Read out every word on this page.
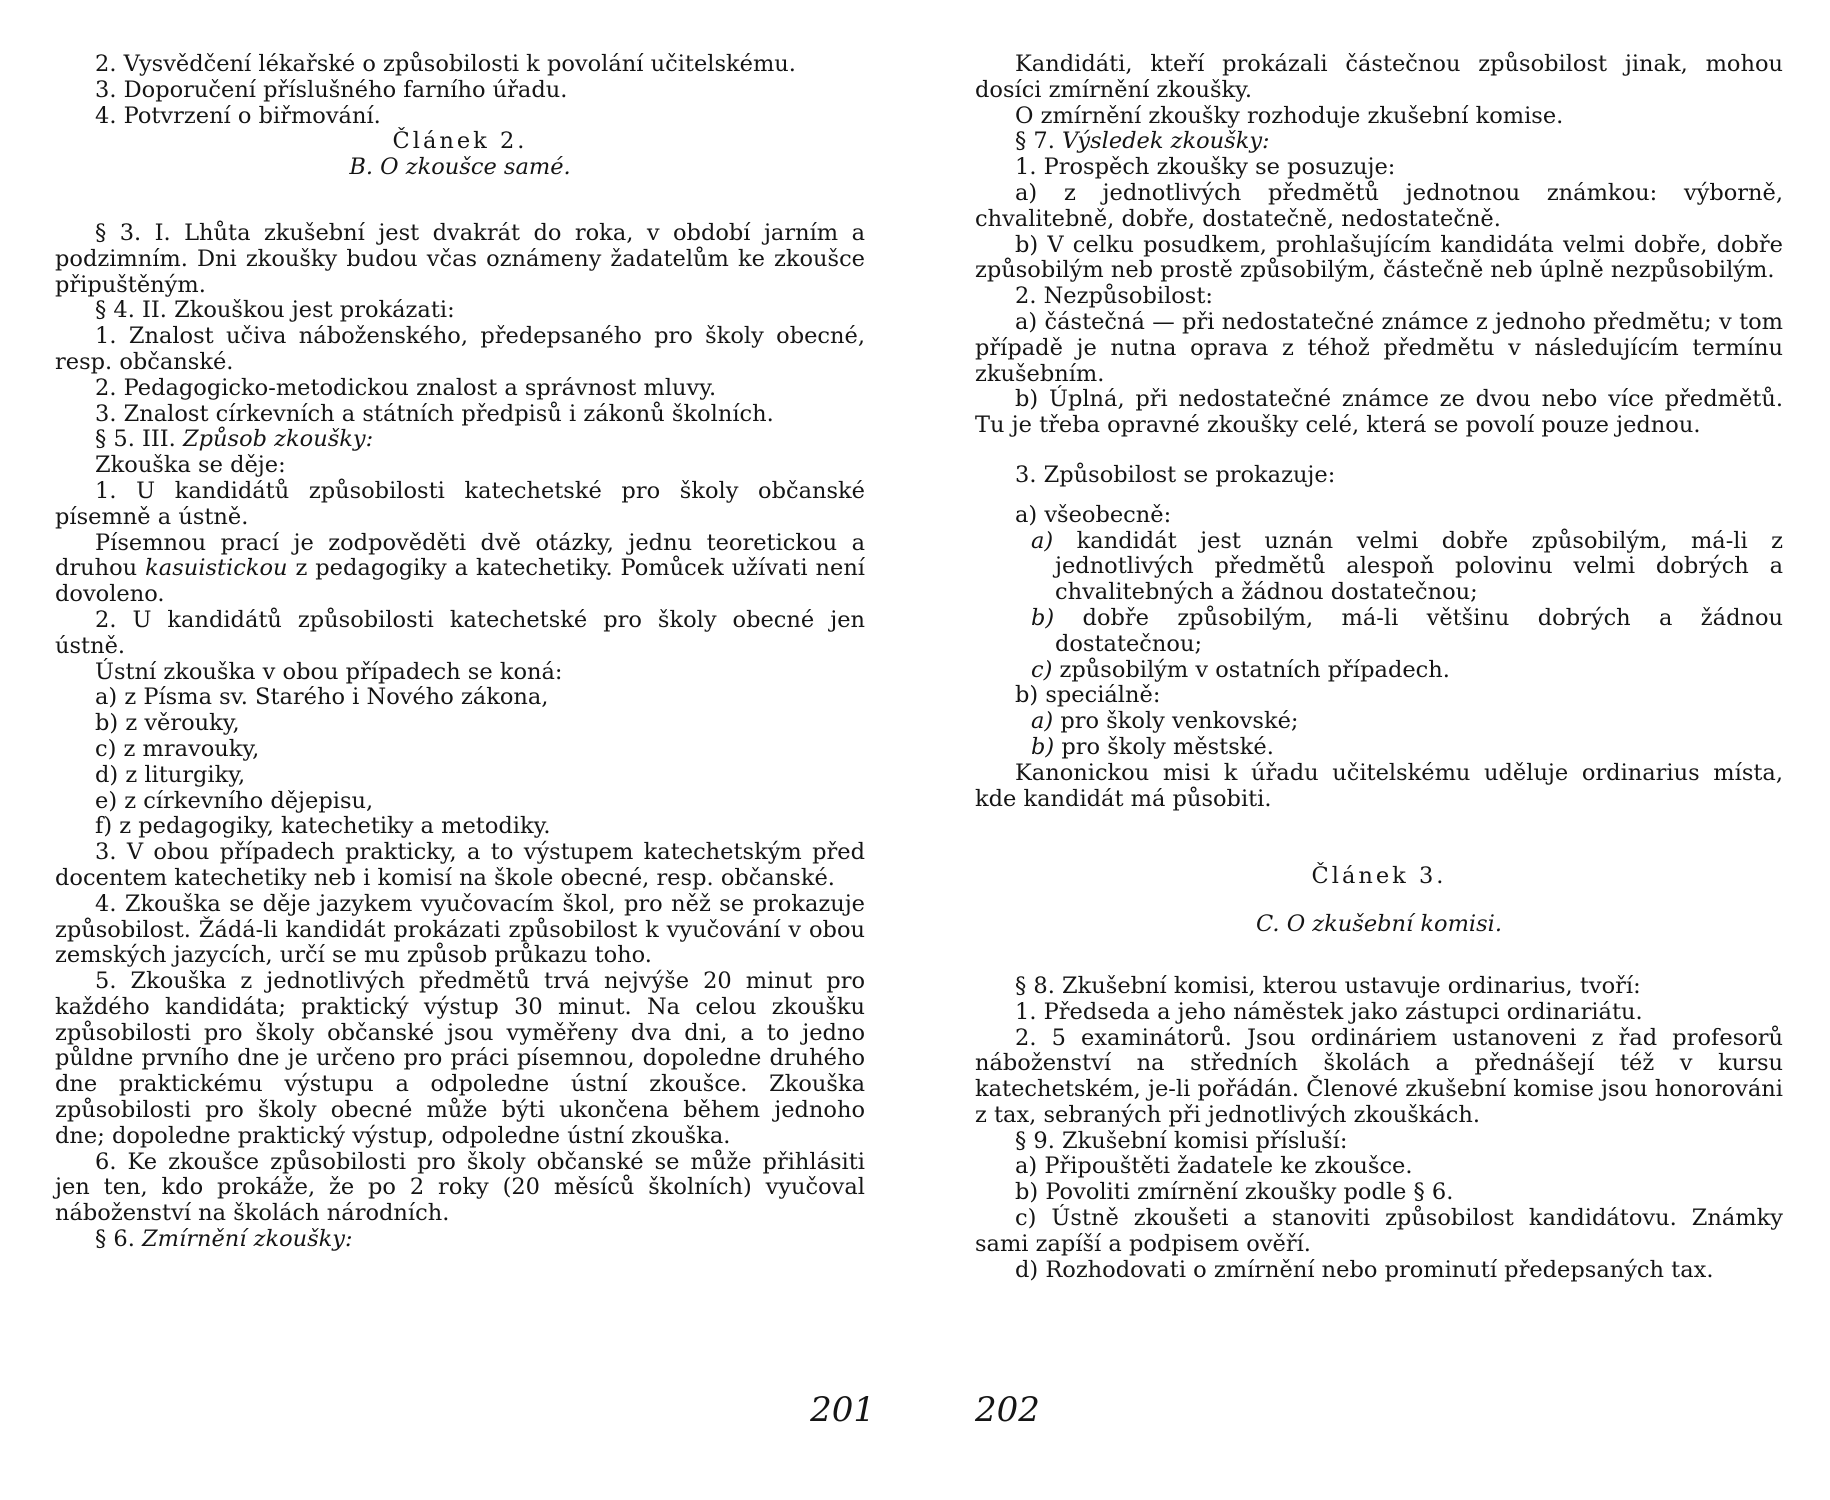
2. Vysvědčení lékařské o způsobilosti k povolání učitelskému.

3. Doporučení příslušného farního úřadu.

4. Potvrzení o biřmování.

Článek 2.

B. O zkoušce samé.

§ 3. I. Lhůta zkušební jest dvakrát do roka, v období jarním a podzimním. Dni zkoušky budou včas oznámeny žadatelům ke zkoušce připuštěným.

§ 4. II. Zkouškou jest prokázati:

1. Znalost učiva náboženského, předepsaného pro školy obecné, resp. občanské.

2. Pedagogicko-metodickou znalost a správnost mluvy.

3. Znalost církevních a státních předpisů i zákonů školních.

§ 5. III. Způsob zkoušky:

Zkouška se děje:

1. U kandidátů způsobilosti katechetské pro školy občanské písemně a ústně.

Písemnou prací je zodpověděti dvě otázky, jednu teoretickou a druhou kasuistickou z pedagogiky a katechetiky. Pomůcek užívati není dovoleno.

2. U kandidátů způsobilosti katechetské pro školy obecné jen ústně.

Ústní zkouška v obou případech se koná:

a) z Písma sv. Starého i Nového zákona,

b) z věrouky,

c) z mravouky,

d) z liturgiky,

e) z církevního dějepisu,

f) z pedagogiky, katechetiky a metodiky.

3. V obou případech prakticky, a to výstupem katechetským před docentem katechetiky neb i komisí na škole obecné, resp. občanské.

4. Zkouška se děje jazykem vyučovacím škol, pro něž se prokazuje způsobilost. Žádá-li kandidát prokázati způsobilost k vyučování v obou zemských jazycích, určí se mu způsob průkazu toho.

5. Zkouška z jednotlivých předmětů trvá nejvýše 20 minut pro každého kandidáta; praktický výstup 30 minut. Na celou zkoušku způsobilosti pro školy občanské jsou vyměřeny dva dni, a to jedno půldne prvního dne je určeno pro práci písemnou, dopoledne druhého dne praktickému výstupu a odpoledne ústní zkoušce. Zkouška způsobilosti pro školy obecné může býti ukončena během jednoho dne; dopoledne praktický výstup, odpoledne ústní zkouška.

6. Ke zkoušce způsobilosti pro školy občanské se může přihlásiti jen ten, kdo prokáže, že po 2 roky (20 měsíců školních) vyučoval náboženství na školách národních.

§ 6. Zmírnění zkoušky:

201

Kandidáti, kteří prokázali částečnou způsobilost jinak, mohou dosíci zmírnění zkoušky.

O zmírnění zkoušky rozhoduje zkušební komise.

§ 7. Výsledek zkoušky:

1. Prospěch zkoušky se posuzuje:

a) z jednotlivých předmětů jednotnou známkou: výborně, chvalitebně, dobře, dostatečně, nedostatečně.

b) V celku posudkem, prohlašujícím kandidáta velmi dobře, dobře způsobilým neb prostě způsobilým, částečně neb úplně nezpůsobilým.

2. Nezpůsobilost:

a) částečná — při nedostatečné známce z jednoho předmětu; v tom případě je nutna oprava z téhož předmětu v následujícím termínu zkušebním.

b) Úplná, při nedostatečné známce ze dvou nebo více předmětů. Tu je třeba opravné zkoušky celé, která se povolí pouze jednou.

3. Způsobilost se prokazuje:

a) všeobecně:

a) kandidát jest uznán velmi dobře způsobilým, má-li z jednotlivých předmětů alespoň polovinu velmi dobrých a chvalitebných a žádnou dostatečnou;

b) dobře způsobilým, má-li většinu dobrých a žádnou dostatečnou;

c) způsobilým v ostatních případech.

b) speciálně:

a) pro školy venkovské;

b) pro školy městské.

Kanonickou misi k úřadu učitelskému uděluje ordinarius místa, kde kandidát má působiti.

Článek 3.

C. O zkušební komisi.

§ 8. Zkušební komisi, kterou ustavuje ordinarius, tvoří:

1. Předseda a jeho náměstek jako zástupci ordinariátu.

2. 5 examinátorů. Jsou ordináriem ustanoveni z řad profesorů náboženství na středních školách a přednášejí též v kursu katechetském, je-li pořádán. Členové zkušební komise jsou honorováni z tax, sebraných při jednotlivých zkouškách.

§ 9. Zkušební komisi přísluší:

a) Připouštěti žadatele ke zkoušce.

b) Povoliti zmírnění zkoušky podle § 6.

c) Ústně zkoušeti a stanoviti způsobilost kandidátovu. Známky sami zapíší a podpisem ověří.

d) Rozhodovati o zmírnění nebo prominutí předepsaných tax.

202
